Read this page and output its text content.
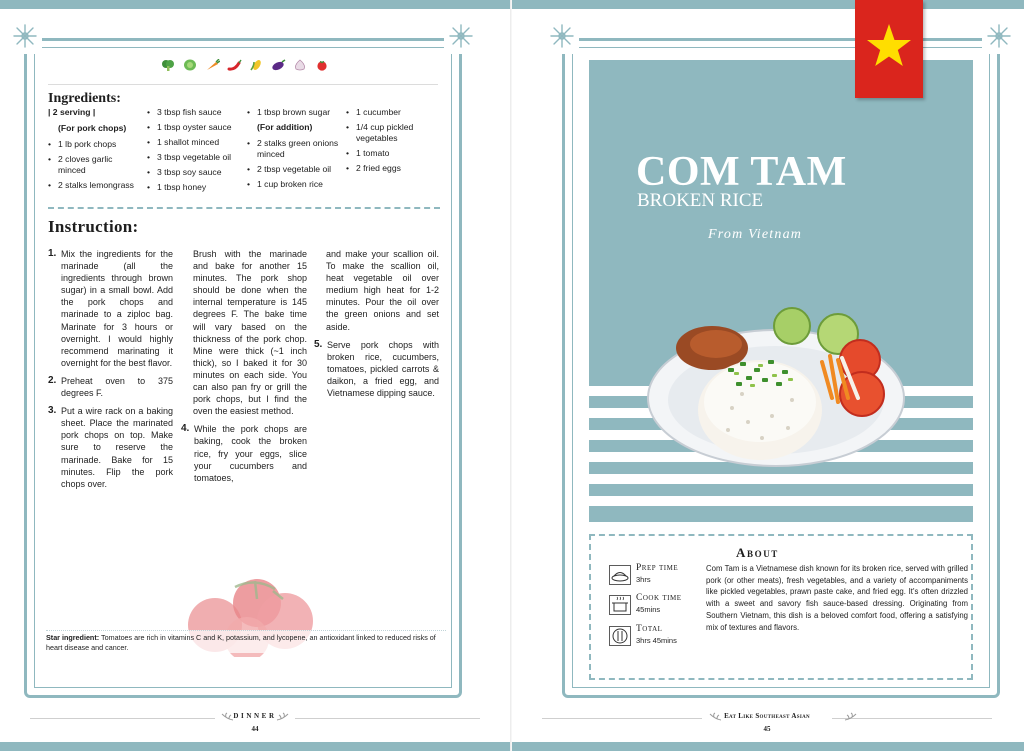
Ingredients:
| 2 serving |
(For pork chops)
• 1 lb pork chops
• 2 cloves garlic minced
• 2 stalks lemongrass
• 3 tbsp fish sauce
• 1 tbsp oyster sauce
• 1 shallot minced
• 3 tbsp vegetable oil
• 3 tbsp soy sauce
• 1 tbsp honey
• 1 tbsp brown sugar
(For addition)
• 2 stalks green onions minced
• 2 tbsp vegetable oil
• 1 cup broken rice
• 1 cucumber
• 1/4 cup pickled vegetables
• 1 tomato
• 2 fried eggs
Instruction:
1. Mix the ingredients for the marinade (all the ingredients through brown sugar) in a small bowl. Add the pork chops and marinade to a ziploc bag. Marinate for 3 hours or overnight. I would highly recommend marinating it overnight for the best flavor.
2. Preheat oven to 375 degrees F.
3. Put a wire rack on a baking sheet. Place the marinated pork chops on top. Make sure to reserve the marinade. Bake for 15 minutes. Flip the pork chops over.
Brush with the marinade and bake for another 15 minutes. The pork shop should be done when the internal temperature is 145 degrees F. The bake time will vary based on the thickness of the pork chop. Mine were thick (~1 inch thick), so I baked it for 30 minutes on each side. You can also pan fry or grill the pork chops, but I find the oven the easiest method.
4. While the pork chops are baking, cook the broken rice, fry your eggs, slice your cucumbers and tomatoes,
and make your scallion oil. To make the scallion oil, heat vegetable oil over medium high heat for 1-2 minutes. Pour the oil over the green onions and set aside.
5. Serve pork chops with broken rice, cucumbers, tomatoes, pickled carrots & daikon, a fried egg, and Vietnamese dipping sauce.
Star ingredient: Tomatoes are rich in vitamins C and K, potassium, and lycopene, an antioxidant linked to reduced risks of heart disease and cancer.
DINNER
44
COM TAM
BROKEN RICE
From Vietnam
About
Prep time
3hrs
Cook time
45mins
Total
3hrs 45mins
Com Tam is a Vietnamese dish known for its broken rice, served with grilled pork (or other meats), fresh vegetables, and a variety of accompaniments like pickled vegetables, prawn paste cake, and fried egg. It's often drizzled with a sweet and savory fish sauce-based dressing. Originating from Southern Vietnam, this dish is a beloved comfort food, offering a satisfying mix of textures and flavors.
Eat Like Southeast Asian
45
